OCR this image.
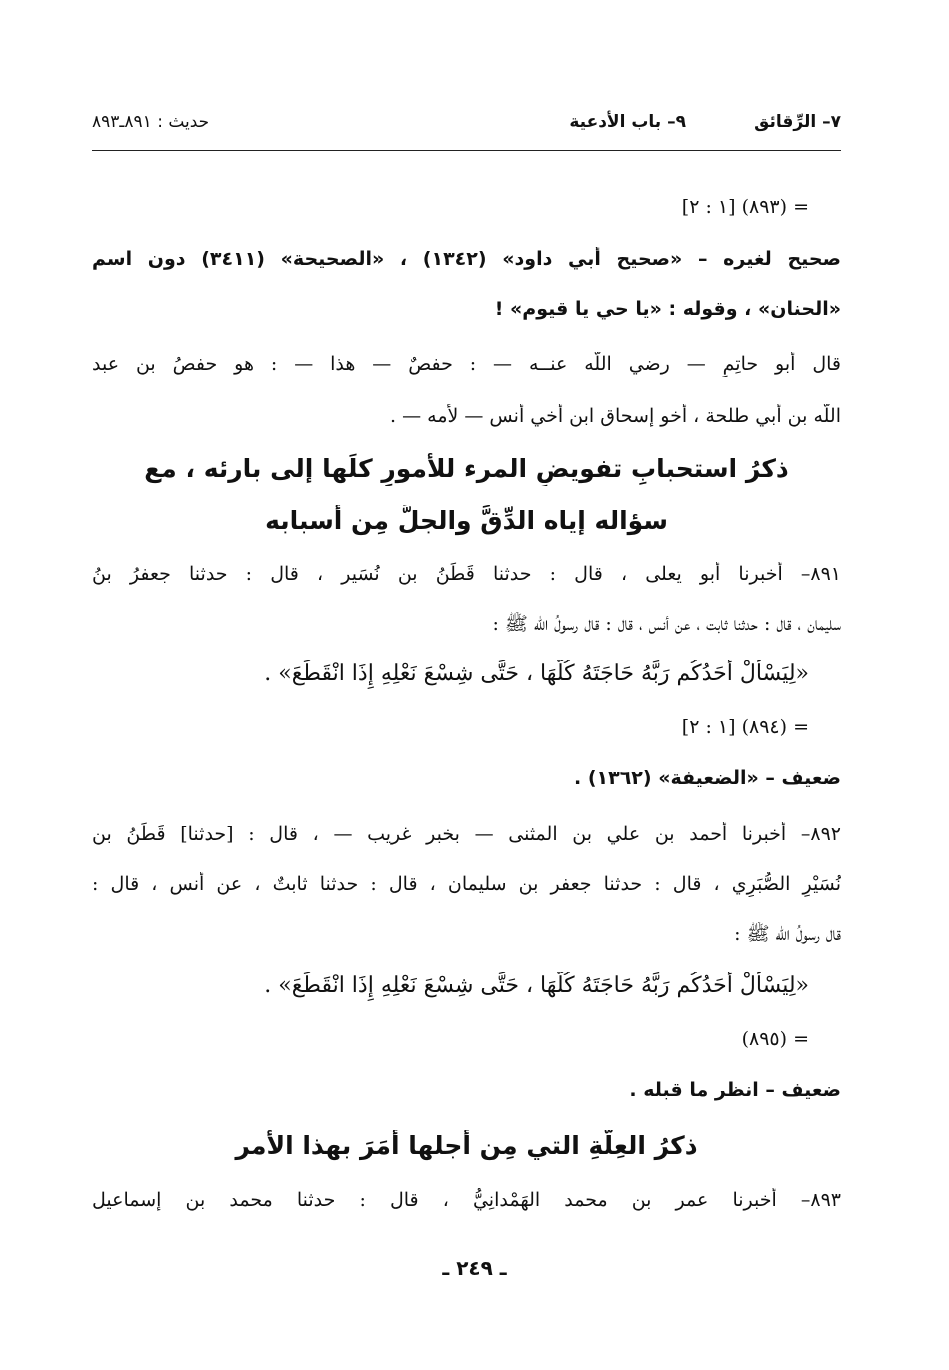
٧– الرِّقائق
٩– باب الأدعية
حديث : ٨٩١ـ٨٩٣
= (٨٩٣) [١ : ٢]
صحيح لغيره – «صحيح أبي داود» (١٣٤٢) ، «الصحيحة» (٣٤١١) دون اسم
«الحنان» ، وقوله : «يا حي يا قيوم» !
قال أبو حاتِمٍ — رضي اللّه عنــه — : حفصٌ — هذا — : هو حفصُ بن عبد
اللّه بن أبي طلحة ، أخو إسحاق ابن أخي أنس — لأمه — .
ذكرُ استحبابِ تفويضِ المرء للأمورِ كلِّها إلى بارئه ، مع
سؤاله إياه الدِّقَّ والجلَّ مِن أسبابه
٨٩١– أخبرنا أبو يعلى ، قال : حدثنا قَطَنُ بن نُسَير ، قال : حدثنا جعفرُ بنُ
سليمان ، قال : حدثنا ثابت ، عن أنس ، قال : قال رسولُ اللّه ﷺ :
«لِيَسْأَلْ أَحَدُكُم رَبَّهُ حَاجَتَهُ كُلَّهَا ، حَتَّى شِسْعَ نَعْلِهِ إِذَا انْقَطَعَ» .
= (٨٩٤) [١ : ٢]
ضعيف – «الضعيفة» (١٣٦٢) .
٨٩٢– أخبرنا أحمد بن علي بن المثنى — بخبر غريب — ، قال : [حدثنا] قَطَنُ بن
نُسَيْرٍ الصُّبَرِي ، قال : حدثنا جعفر بن سليمان ، قال : حدثنا ثابتٌ ، عن أنس ، قال :
قال رسولُ اللّه ﷺ :
«لِيَسْأَلْ أَحَدُكُم رَبَّهُ حَاجَتَهُ كُلَّهَا ، حَتَّى شِسْعَ نَعْلِهِ إِذَا انْقَطَعَ» .
= (٨٩٥)
ضعيف – انظر ما قبله .
ذكرُ العِلَّةِ التي مِن أجلها أَمَرَ بهذا الأمر
٨٩٣– أخبرنا عمر بن محمد الهَمْدانِيُّ ، قال : حدثنا محمد بن إسماعيل
ـ ٢٤٩ ـ
